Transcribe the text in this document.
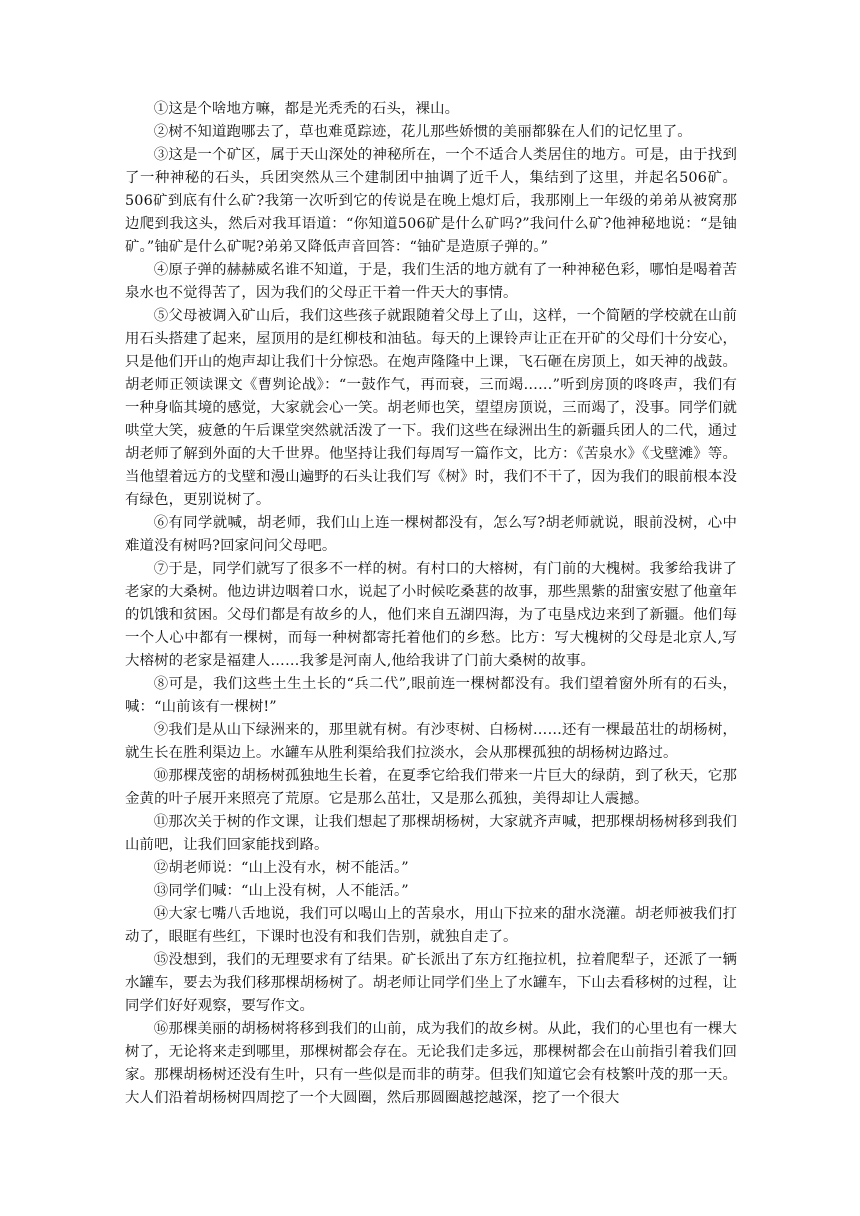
①这是个啥地方嘛，都是光秃秃的石头，裸山。

②树不知道跑哪去了，草也难觅踪迹，花儿那些娇惯的美丽都躲在人们的记忆里了。

③这是一个矿区，属于天山深处的神秘所在，一个不适合人类居住的地方。可是，由于找到了一种神秘的石头，兵团突然从三个建制团中抽调了近千人，集结到了这里，并起名506矿。506矿到底有什么矿?我第一次听到它的传说是在晚上熄灯后，我那刚上一年级的弟弟从被窝那边爬到我这头，然后对我耳语道：“你知道506矿是什么矿吗?”我问什么矿?他神秘地说：“是铀矿。”铀矿是什么矿呢?弟弟又降低声音回答：“铀矿是造原子弹的。”

④原子弹的赫赫威名谁不知道，于是，我们生活的地方就有了一种神秘色彩，哪怕是喝着苦泉水也不觉得苦了，因为我们的父母正干着一件天大的事情。

⑤父母被调入矿山后，我们这些孩子就跟随着父母上了山，这样，一个简陋的学校就在山前用石头搭建了起来，屋顶用的是红柳枝和油毡。每天的上课铃声让正在开矿的父母们十分安心，只是他们开山的炮声却让我们十分惊恐。在炮声隆隆中上课，飞石砸在房顶上，如天神的战鼓。胡老师正领读课文《曹刿论战》：“一鼓作气，再而衰，三而竭……”听到房顶的咚咚声，我们有一种身临其境的感觉，大家就会心一笑。胡老师也笑，望望房顶说，三而竭了，没事。同学们就哄堂大笑，疲惫的午后课堂突然就活泼了一下。我们这些在绿洲出生的新疆兵团人的二代，通过胡老师了解到外面的大千世界。他坚持让我们每周写一篇作文，比方：《苦泉水》《戈壁滩》等。当他望着远方的戈壁和漫山遍野的石头让我们写《树》时，我们不干了，因为我们的眼前根本没有绿色，更别说树了。

⑥有同学就喊，胡老师，我们山上连一棵树都没有，怎么写?胡老师就说，眼前没树，心中难道没有树吗?回家问问父母吧。

⑦于是，同学们就写了很多不一样的树。有村口的大榕树，有门前的大槐树。我爹给我讲了老家的大桑树。他边讲边咽着口水，说起了小时候吃桑葚的故事，那些黑紫的甜蜜安慰了他童年的饥饿和贫困。父母们都是有故乡的人，他们来自五湖四海，为了屯垦戍边来到了新疆。他们每一个人心中都有一棵树，而每一种树都寄托着他们的乡愁。比方：写大槐树的父母是北京人,写大榕树的老家是福建人……我爹是河南人,他给我讲了门前大桑树的故事。

⑧可是，我们这些土生土长的“兵二代”,眼前连一棵树都没有。我们望着窗外所有的石头，喊：“山前该有一棵树!”

⑨我们是从山下绿洲来的，那里就有树。有沙枣树、白杨树……还有一棵最茁壮的胡杨树，就生长在胜利渠边上。水罐车从胜利渠给我们拉淡水，会从那棵孤独的胡杨树边路过。

⑩那棵茂密的胡杨树孤独地生长着，在夏季它给我们带来一片巨大的绿荫，到了秋天，它那金黄的叶子展开来照亮了荒原。它是那么茁壮，又是那么孤独，美得却让人震撼。

⑪那次关于树的作文课，让我们想起了那棵胡杨树，大家就齐声喊，把那棵胡杨树移到我们山前吧，让我们回家能找到路。

⑫胡老师说：“山上没有水，树不能活。”

⑬同学们喊：“山上没有树，人不能活。”

⑭大家七嘴八舌地说，我们可以喝山上的苦泉水，用山下拉来的甜水浇灌。胡老师被我们打动了，眼眶有些红，下课时也没有和我们告别，就独自走了。

⑮没想到，我们的无理要求有了结果。矿长派出了东方红拖拉机，拉着爬犁子，还派了一辆水罐车，要去为我们移那棵胡杨树了。胡老师让同学们坐上了水罐车，下山去看移树的过程，让同学们好好观察，要写作文。

⑯那棵美丽的胡杨树将移到我们的山前，成为我们的故乡树。从此，我们的心里也有一棵大树了，无论将来走到哪里，那棵树都会存在。无论我们走多远，那棵树都会在山前指引着我们回家。那棵胡杨树还没有生叶，只有一些似是而非的萌芽。但我们知道它会有枝繁叶茂的那一天。大人们沿着胡杨树四周挖了一个大圆圈，然后那圆圈越挖越深，挖了一个很大
